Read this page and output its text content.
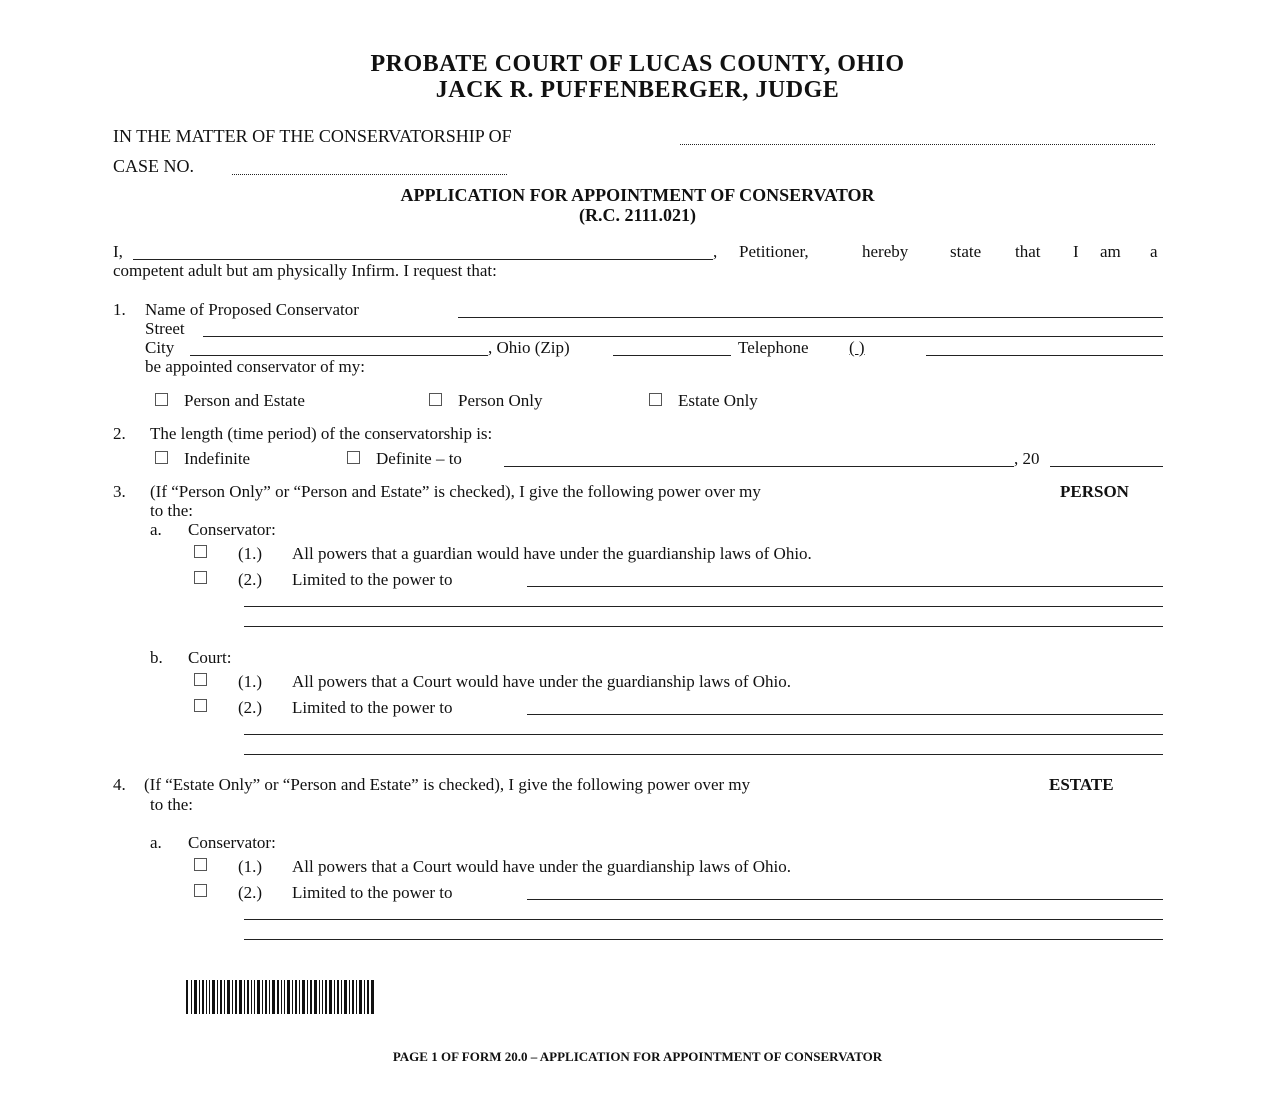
PROBATE COURT OF LUCAS COUNTY, OHIO
JACK R. PUFFENBERGER, JUDGE
IN THE MATTER OF THE CONSERVATORSHIP OF
CASE NO.
APPLICATION FOR APPOINTMENT OF CONSERVATOR
(R.C. 2111.021)
I,	, Petitioner,	hereby state that I am a
competent adult but am physically Infirm. I request that:
1. Name of Proposed Conservator
Street
City	, Ohio (Zip)	Telephone ( )
be appointed conservator of my:
Person and Estate	Person Only	Estate Only
2. The length (time period) of the conservatorship is:
Indefinite	Definite – to	, 20
3. (If “Person Only” or “Person and Estate” is checked), I give the following power over my	PERSON
to the:
a. Conservator:
(1.) All powers that a guardian would have under the guardianship laws of Ohio.
(2.) Limited to the power to
b. Court:
(1.) All powers that a Court would have under the guardianship laws of Ohio.
(2.) Limited to the power to
4. (If “Estate Only” or “Person and Estate” is checked), I give the following power over my	ESTATE
to the:
a. Conservator:
(1.) All powers that a Court would have under the guardianship laws of Ohio.
(2.) Limited to the power to
PAGE 1 OF FORM 20.0 – APPLICATION FOR APPOINTMENT OF CONSERVATOR
